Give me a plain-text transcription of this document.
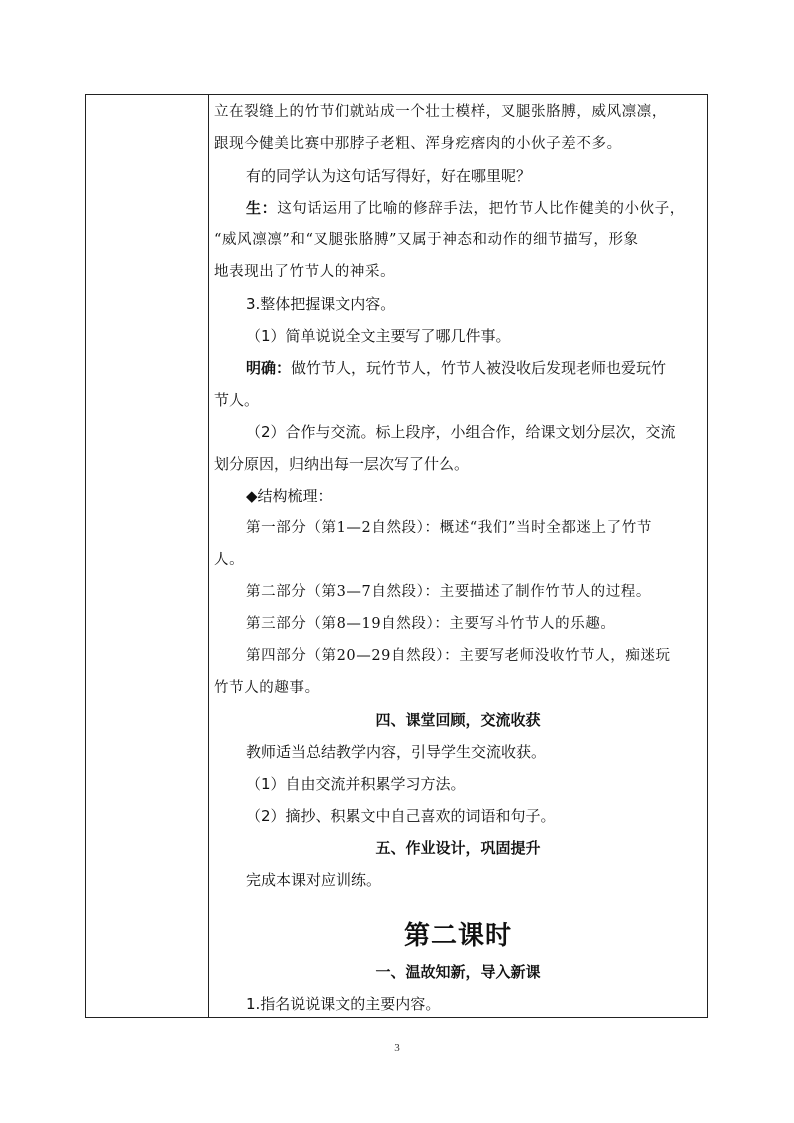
立在裂缝上的竹节们就站成一个壮士模样，叉腿张胳膊，威风凛凛，
跟现今健美比赛中那脖子老粗、浑身疙瘩肉的小伙子差不多。
有的同学认为这句话写得好，好在哪里呢？
生：这句话运用了比喻的修辞手法，把竹节人比作健美的小伙子，
“威风凛凛”和“叉腿张胳膊”又属于神态和动作的细节描写，形象
地表现出了竹节人的神采。
3.整体把握课文内容。
（1）简单说说全文主要写了哪几件事。
明确：做竹节人，玩竹节人，竹节人被没收后发现老师也爱玩竹
节人。
（2）合作与交流。标上段序，小组合作，给课文划分层次，交流
划分原因，归纳出每一层次写了什么。
◆结构梳理：
第一部分（第1—2自然段）：概述“我们”当时全都迷上了竹节
人。
第二部分（第3—7自然段）：主要描述了制作竹节人的过程。
第三部分（第8—19自然段）：主要写斗竹节人的乐趣。
第四部分（第20—29自然段）：主要写老师没收竹节人，痴迷玩
竹节人的趣事。
四、课堂回顾，交流收获
教师适当总结教学内容，引导学生交流收获。
（1）自由交流并积累学习方法。
（2）摘抄、积累文中自己喜欢的词语和句子。
五、作业设计，巩固提升
完成本课对应训练。
第二课时
一、温故知新，导入新课
1.指名说说课文的主要内容。
3
